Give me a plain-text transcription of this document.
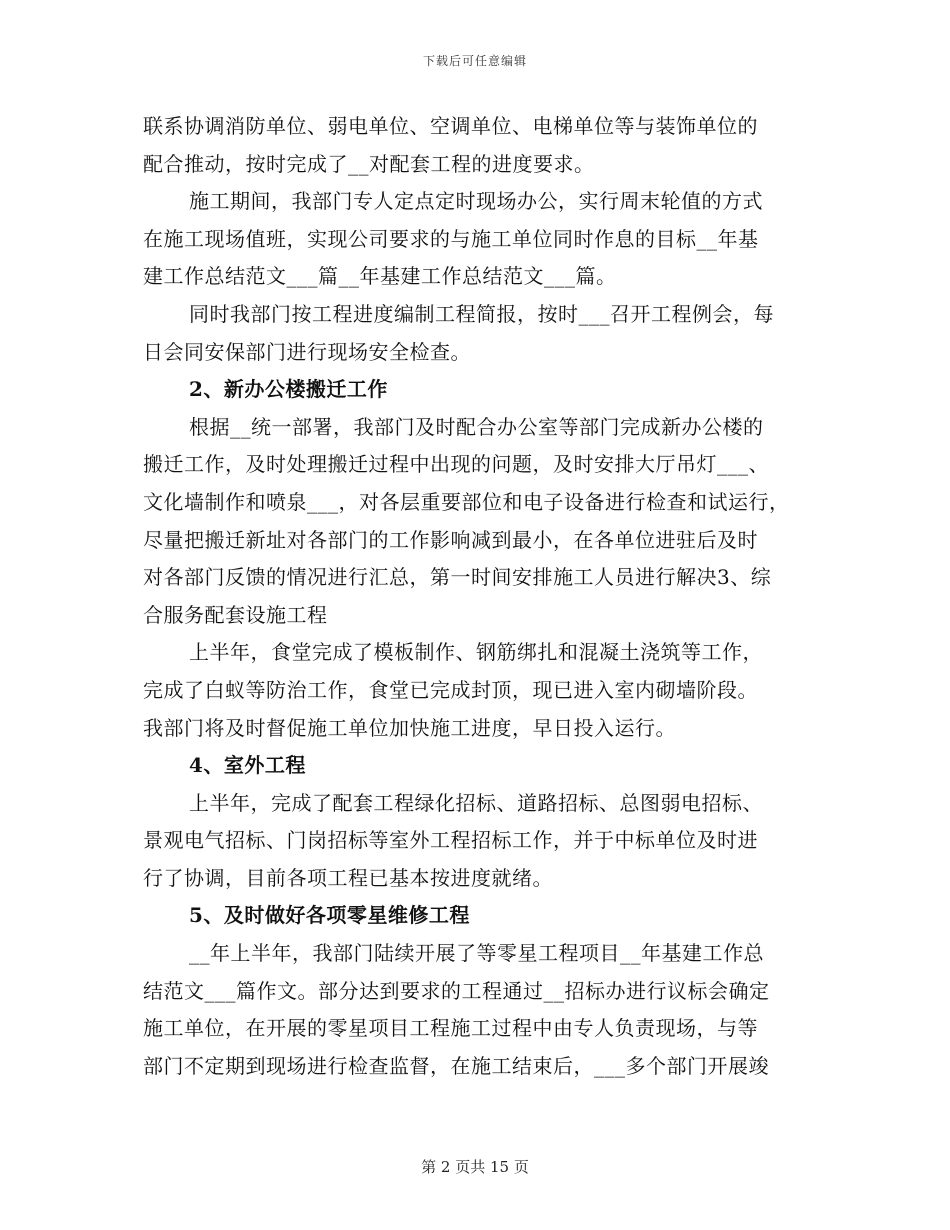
下载后可任意编辑
联系协调消防单位、弱电单位、空调单位、电梯单位等与装饰单位的
配合推动，按时完成了__对配套工程的进度要求。
施工期间，我部门专人定点定时现场办公，实行周末轮值的方式
在施工现场值班，实现公司要求的与施工单位同时作息的目标__年基
建工作总结范文___篇__年基建工作总结范文___篇。
同时我部门按工程进度编制工程简报，按时___召开工程例会，每
日会同安保部门进行现场安全检查。
2、新办公楼搬迁工作
根据__统一部署，我部门及时配合办公室等部门完成新办公楼的
搬迁工作，及时处理搬迁过程中出现的问题，及时安排大厅吊灯___、
文化墙制作和喷泉___，对各层重要部位和电子设备进行检查和试运行，
尽量把搬迁新址对各部门的工作影响减到最小，在各单位进驻后及时
对各部门反馈的情况进行汇总，第一时间安排施工人员进行解决3、综
合服务配套设施工程
上半年，食堂完成了模板制作、钢筋绑扎和混凝土浇筑等工作，
完成了白蚁等防治工作，食堂已完成封顶，现已进入室内砌墙阶段。
我部门将及时督促施工单位加快施工进度，早日投入运行。
4、室外工程
上半年，完成了配套工程绿化招标、道路招标、总图弱电招标、
景观电气招标、门岗招标等室外工程招标工作，并于中标单位及时进
行了协调，目前各项工程已基本按进度就绪。
5、及时做好各项零星维修工程
__年上半年，我部门陆续开展了等零星工程项目__年基建工作总
结范文___篇作文。部分达到要求的工程通过__招标办进行议标会确定
施工单位，在开展的零星项目工程施工过程中由专人负责现场，与等
部门不定期到现场进行检查监督，在施工结束后，___多个部门开展竣
第 2 页共 15 页
